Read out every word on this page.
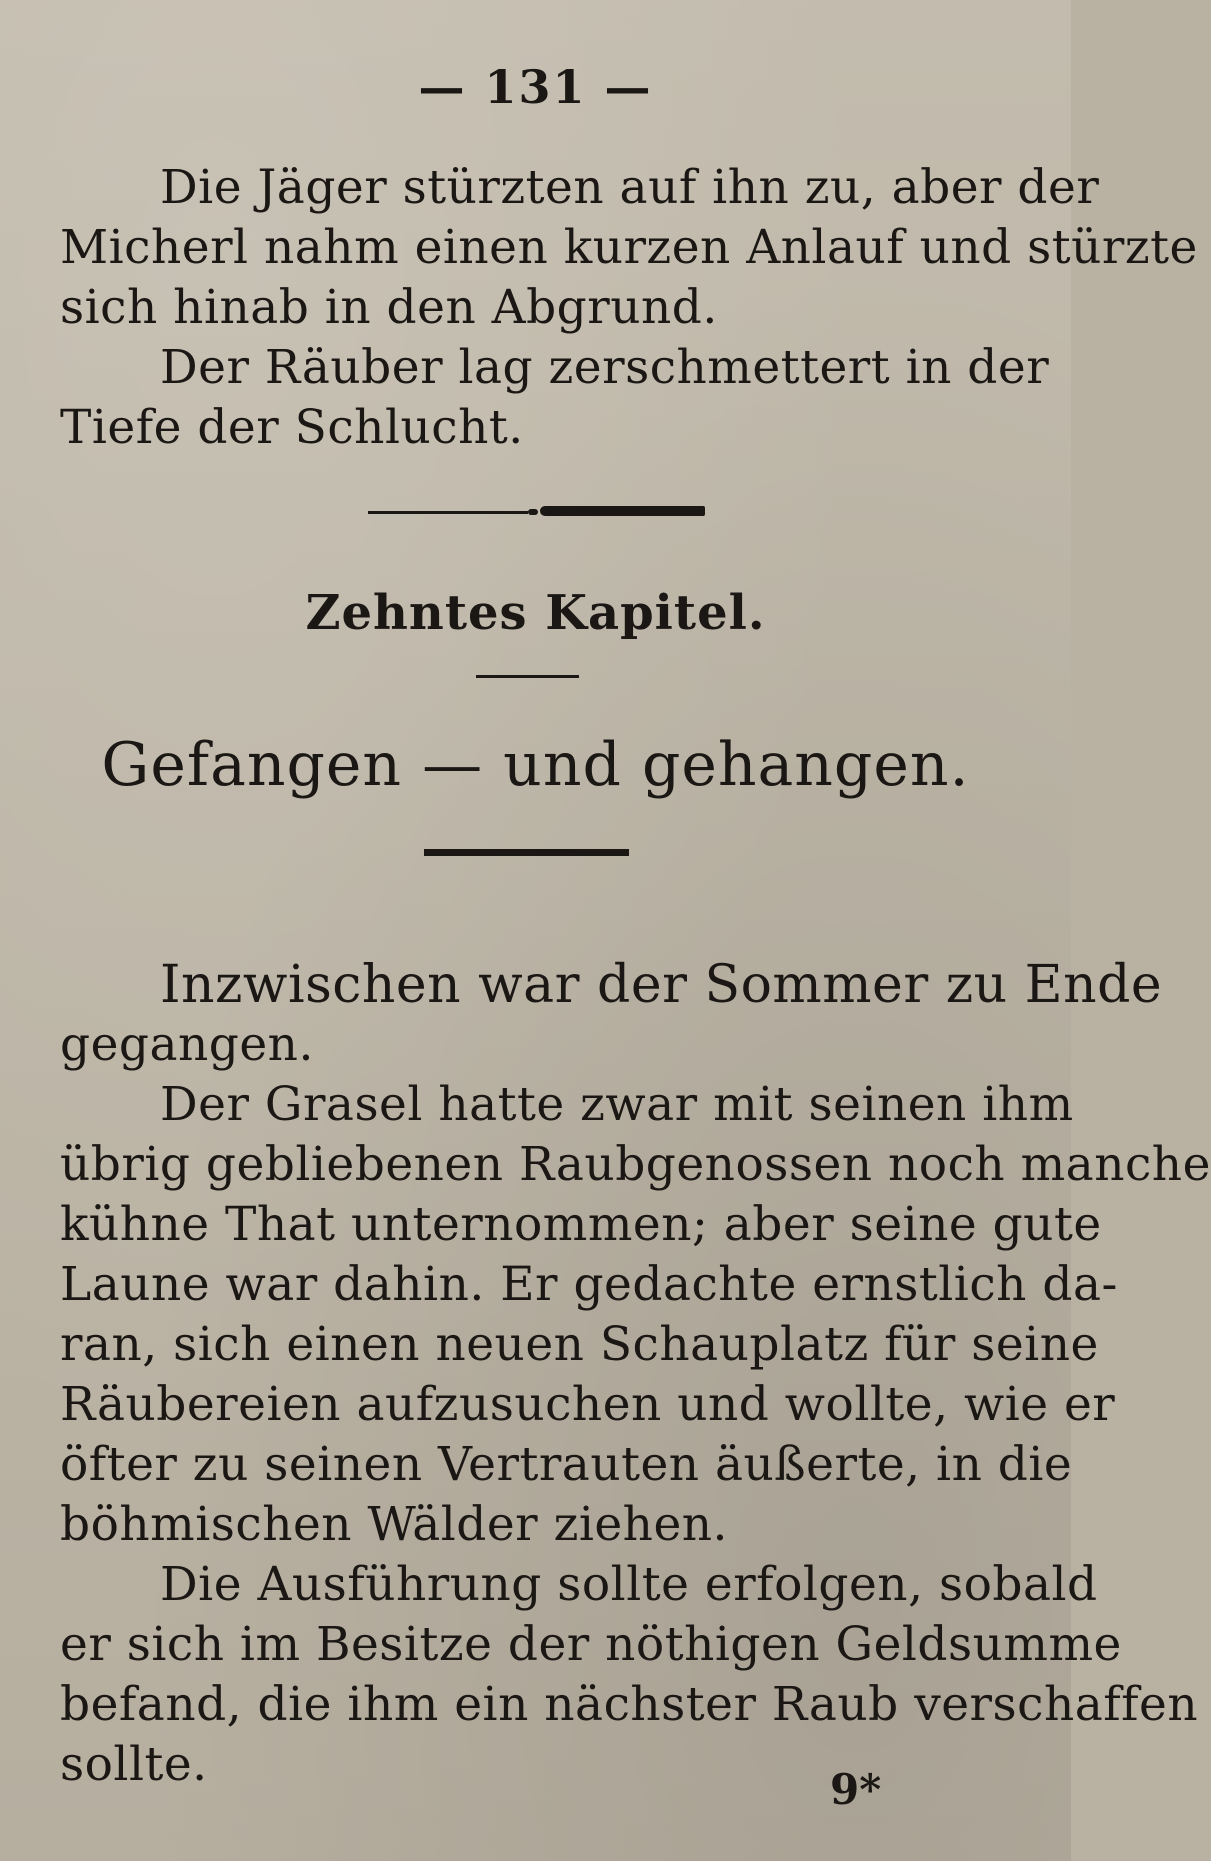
— 131 —
Die Jäger stürzten auf ihn zu, aber der
Micherl nahm einen kurzen Anlauf und stürzte
sich hinab in den Abgrund.
Der Räuber lag zerschmettert in der
Tiefe der Schlucht.
Zehntes Kapitel.
Gefangen — und gehangen.
Inzwischen war der Sommer zu Ende
gegangen.
Der Grasel hatte zwar mit seinen ihm
übrig gebliebenen Raubgenossen noch manche
kühne That unternommen; aber seine gute
Laune war dahin. Er gedachte ernstlich da-
ran, sich einen neuen Schauplatz für seine
Räubereien aufzusuchen und wollte, wie er
öfter zu seinen Vertrauten äußerte, in die
böhmischen Wälder ziehen.
Die Ausführung sollte erfolgen, sobald
er sich im Besitze der nöthigen Geldsumme
befand, die ihm ein nächster Raub verschaffen
sollte.	9*
